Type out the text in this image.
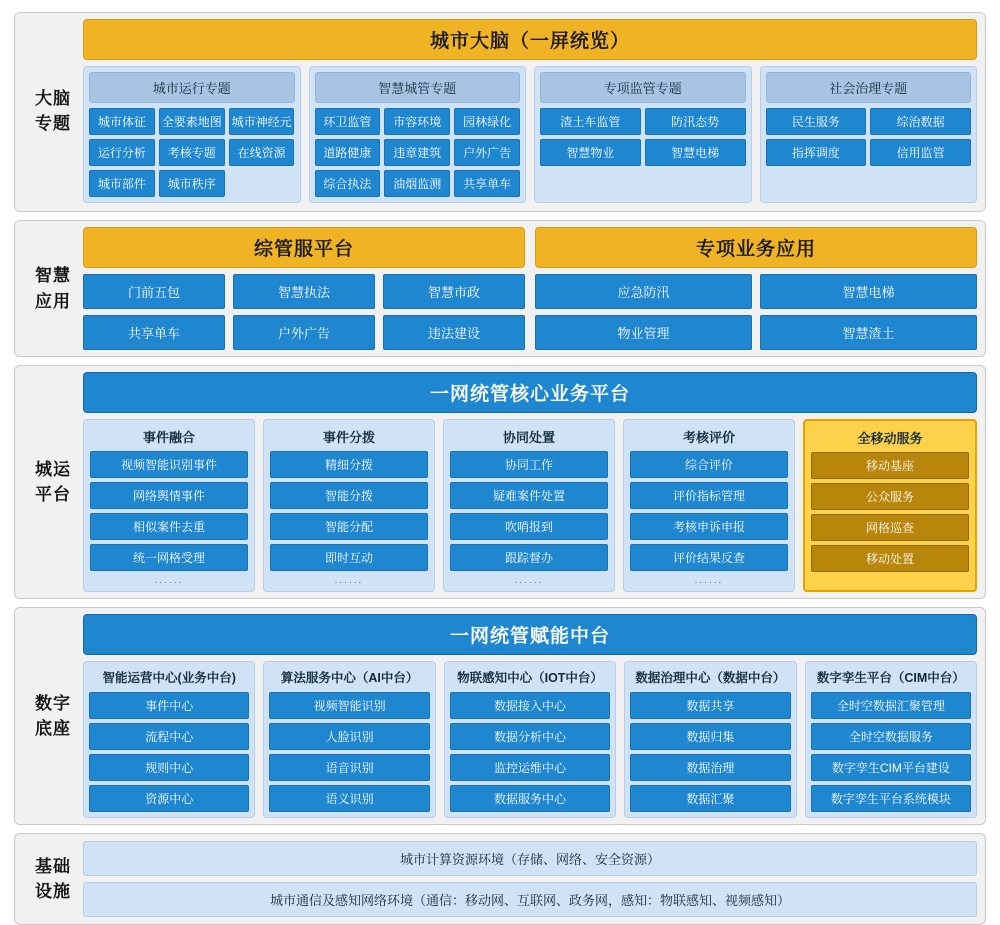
大脑
专题
城市大脑（一屏统览）
城市运行专题
城市体征	全要素地图 城市神经元
运行分析	考核专题	在线资源
城市部件	城市秩序
智慧城管专题
环卫监管	市容环境	园林绿化
道路健康	违章建筑	户外广告
综合执法	油烟监测	共享单车
专项监管专题
渣土车监管	防汛态势
智慧物业	智慧电梯
社会治理专题
民生服务	综治数据
指挥调度	信用监管
智慧
应用
综管服平台	专项业务应用
门前五包	智慧执法	智慧市政
共享单车	户外广告	违法建设
应急防汛	智慧电梯
物业管理	智慧渣土
城运
平台
一网统管核心业务平台
事件融合
视频智能识别事件
网络舆情事件
相似案件去重
统一网格受理
......
事件分拨
精细分拨
智能分拨
智能分配
即时互动
......
协同处置
协同工作
疑难案件处置
吹哨报到
跟踪督办
......
考核评价
综合评价
评价指标管理
考核申诉申报
评价结果反查
......
全移动服务
移动基座
公众服务
网格巡查
移动处置
数字
底座
一网统管赋能中台
智能运营中心(业务中台)
事件中心
流程中心
规则中心
资源中心
算法服务中心（AI中台）
视频智能识别
人脸识别
语音识别
语义识别
物联感知中心（IOT中台）
数据接入中心
数据分析中心
监控运维中心
数据服务中心
数据治理中心（数据中台）
数据共享
数据归集
数据治理
数据汇聚
数字孪生平台（CIM中台）
全时空数据汇聚管理
全时空数据服务
数字孪生CIM平台建设
数字孪生平台系统模块
基础
设施
城市计算资源环境（存储、网络、安全资源）
城市通信及感知网络环境（通信：移动网、互联网、政务网，感知：物联感知、视频感知）
